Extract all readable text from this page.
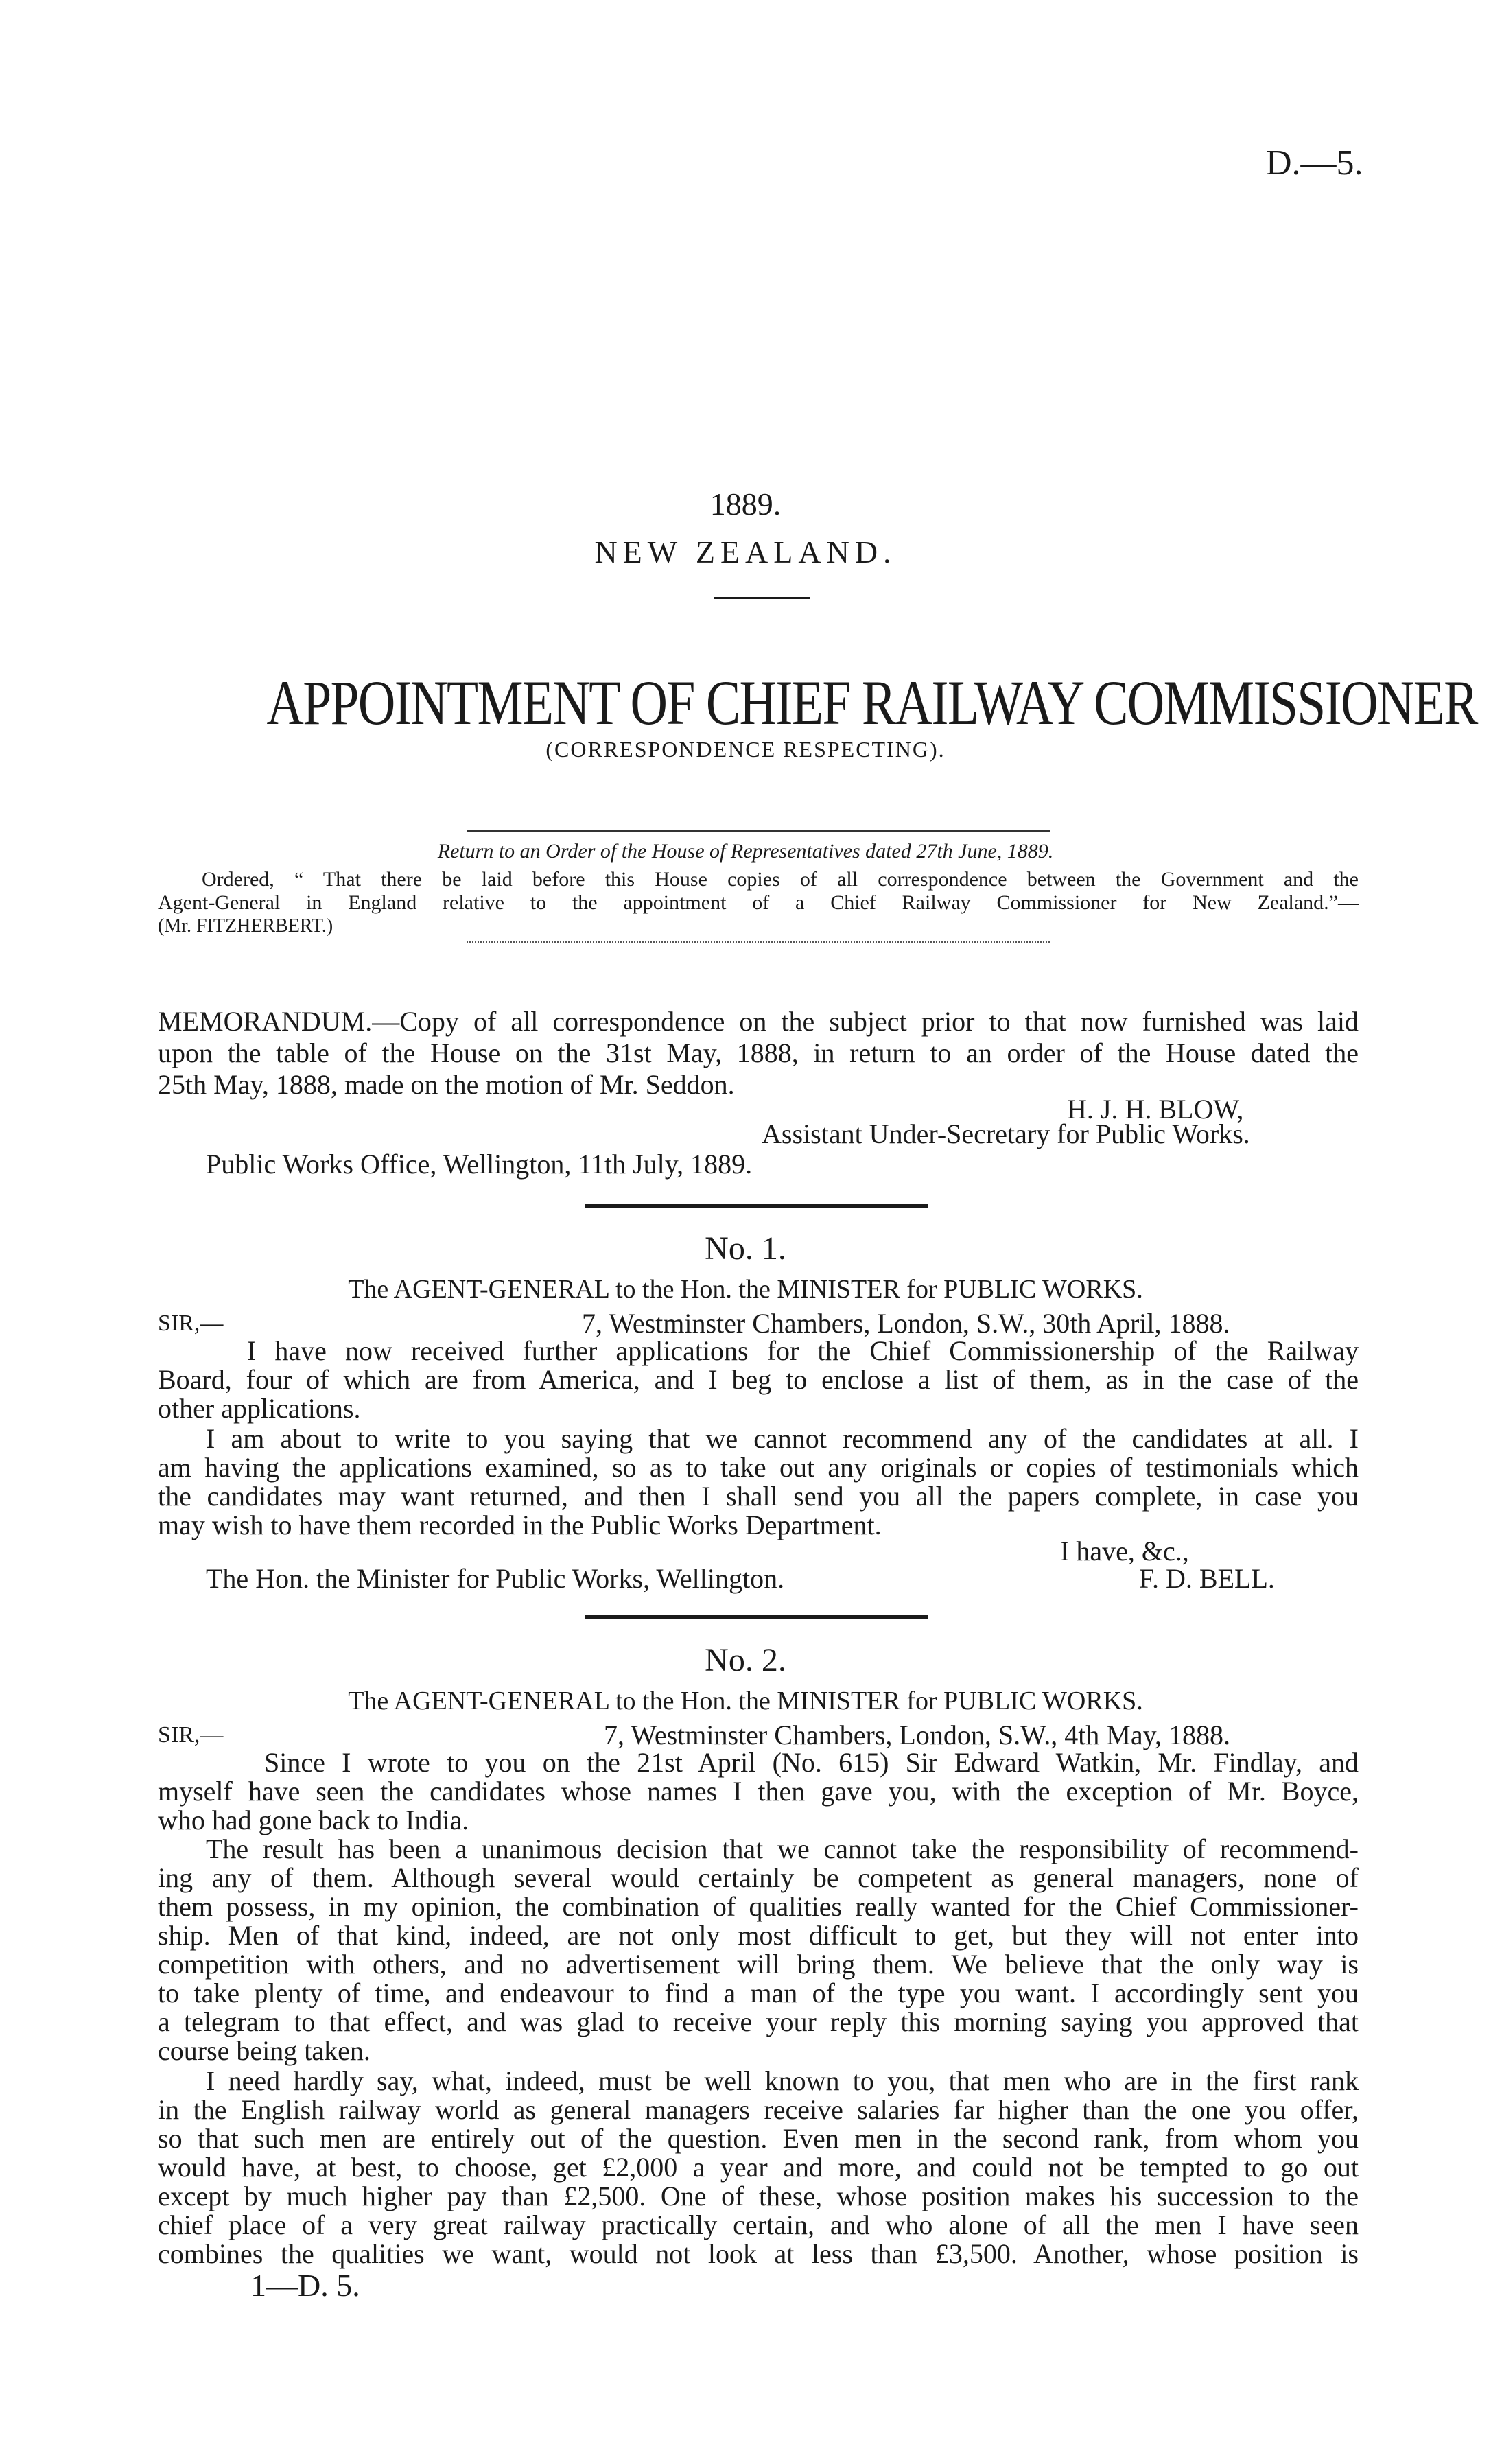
D.—5.
1889.
NEW ZEALAND.
APPOINTMENT OF CHIEF RAILWAY COMMISSIONER
(CORRESPONDENCE RESPECTING).
Return to an Order of the House of Representatives dated 27th June, 1889.
Ordered, “ That there be laid before this House copies of all correspondence between the Government and the
Agent-General in England relative to the appointment of a Chief Railway Commissioner for New Zealand.”—
(Mr. FITZHERBERT.)
MEMORANDUM.—Copy of all correspondence on the subject prior to that now furnished was laid
upon the table of the House on the 31st May, 1888, in return to an order of the House dated the
25th May, 1888, made on the motion of Mr. Seddon.
H. J. H. BLOW,
Assistant Under-Secretary for Public Works.
Public Works Office, Wellington, 11th July, 1889.
No. 1.
The AGENT-GENERAL to the Hon. the MINISTER for PUBLIC WORKS.
SIR,—	7, Westminster Chambers, London, S.W., 30th April, 1888.
I have now received further applications for the Chief Commissionership of the Railway
Board, four of which are from America, and I beg to enclose a list of them, as in the case of the
other applications.
I am about to write to you saying that we cannot recommend any of the candidates at all. I
am having the applications examined, so as to take out any originals or copies of testimonials which
the candidates may want returned, and then I shall send you all the papers complete, in case you
may wish to have them recorded in the Public Works Department.
I have, &c.,
The Hon. the Minister for Public Works, Wellington.	F. D. BELL.
No. 2.
The AGENT-GENERAL to the Hon. the MINISTER for PUBLIC WORKS.
SIR,—	7, Westminster Chambers, London, S.W., 4th May, 1888.
Since I wrote to you on the 21st April (No. 615) Sir Edward Watkin, Mr. Findlay, and
myself have seen the candidates whose names I then gave you, with the exception of Mr. Boyce,
who had gone back to India.
The result has been a unanimous decision that we cannot take the responsibility of recommend-
ing any of them. Although several would certainly be competent as general managers, none of
them possess, in my opinion, the combination of qualities really wanted for the Chief Commissioner-
ship. Men of that kind, indeed, are not only most difficult to get, but they will not enter into
competition with others, and no advertisement will bring them. We believe that the only way is
to take plenty of time, and endeavour to find a man of the type you want. I accordingly sent you
a telegram to that effect, and was glad to receive your reply this morning saying you approved that
course being taken.
I need hardly say, what, indeed, must be well known to you, that men who are in the first rank
in the English railway world as general managers receive salaries far higher than the one you offer,
so that such men are entirely out of the question. Even men in the second rank, from whom you
would have, at best, to choose, get £2,000 a year and more, and could not be tempted to go out
except by much higher pay than £2,500. One of these, whose position makes his succession to the
chief place of a very great railway practically certain, and who alone of all the men I have seen
combines the qualities we want, would not look at less than £3,500. Another, whose position is
1—D. 5.
